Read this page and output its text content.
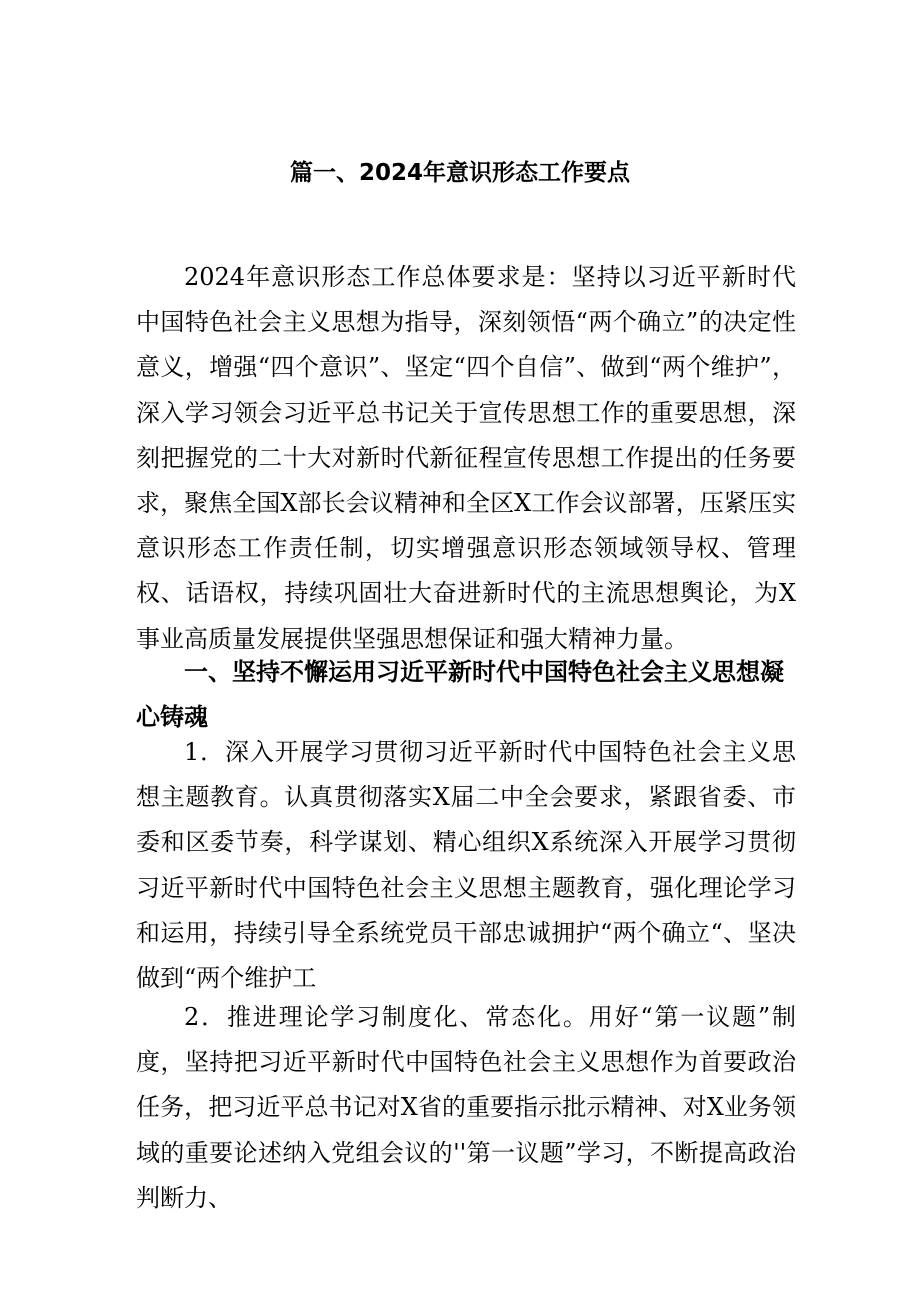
篇一、2024年意识形态工作要点

2024年意识形态工作总体要求是：坚持以习近平新时代中国特色社会主义思想为指导，深刻领悟“两个确立”的决定性意义，增强“四个意识”、坚定“四个自信”、做到“两个维护”，深入学习领会习近平总书记关于宣传思想工作的重要思想，深刻把握党的二十大对新时代新征程宣传思想工作提出的任务要求，聚焦全国X部长会议精神和全区X工作会议部署，压紧压实意识形态工作责任制，切实增强意识形态领域领导权、管理权、话语权，持续巩固壮大奋进新时代的主流思想舆论，为X事业高质量发展提供坚强思想保证和强大精神力量。

一、坚持不懈运用习近平新时代中国特色社会主义思想凝心铸魂

1．深入开展学习贯彻习近平新时代中国特色社会主义思想主题教育。认真贯彻落实X届二中全会要求，紧跟省委、市委和区委节奏，科学谋划、精心组织X系统深入开展学习贯彻习近平新时代中国特色社会主义思想主题教育，强化理论学习和运用，持续引导全系统党员干部忠诚拥护“两个确立“、坚决做到“两个维护工

2．推进理论学习制度化、常态化。用好“第一议题”制度，坚持把习近平新时代中国特色社会主义思想作为首要政治任务，把习近平总书记对X省的重要指示批示精神、对X业务领域的重要论述纳入党组会议的''第一议题”学习，不断提高政治判断力、
